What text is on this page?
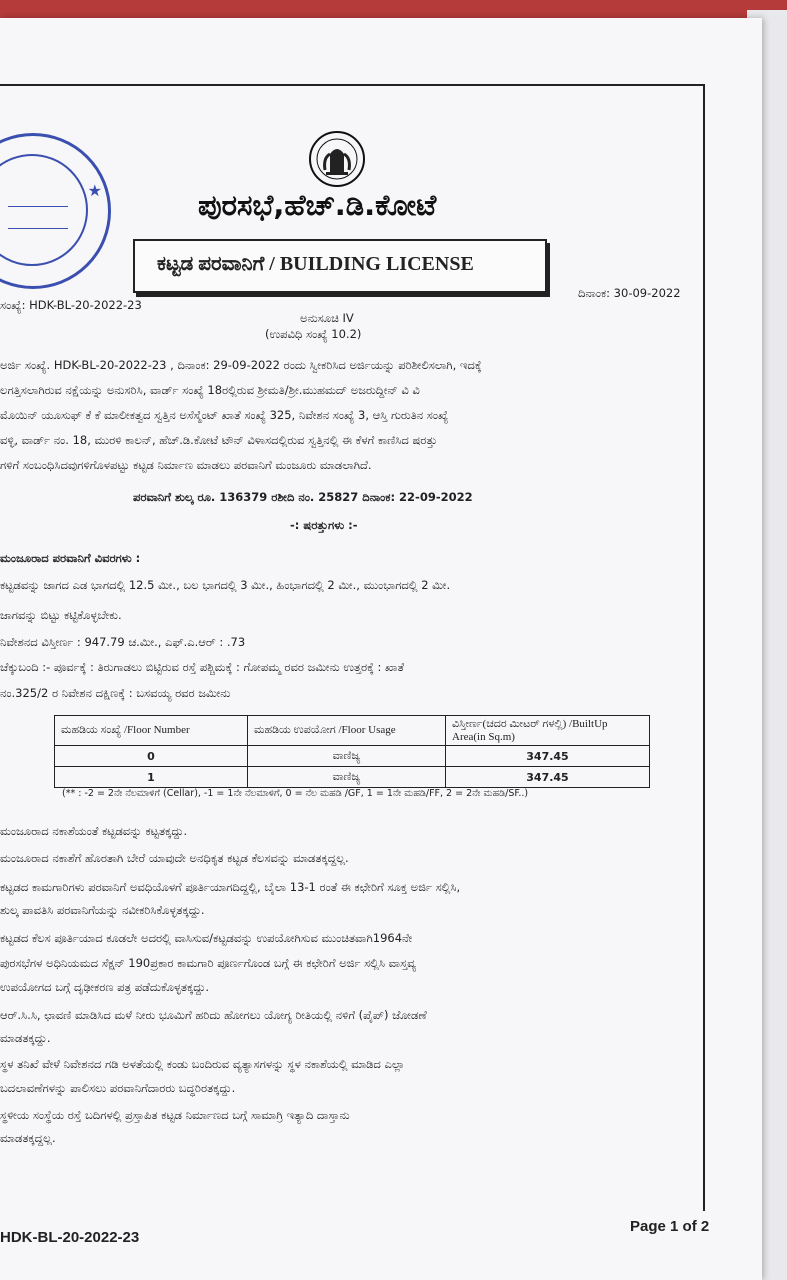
★	ಪುರಸಭೆ,ಹೆಚ್.ಡಿ.ಕೋಟೆ
ಕಟ್ಟಡ ಪರವಾನಿಗೆ / BUILDING LICENSE
ಸಂಖ್ಯೆ: HDK-BL-20-2022-23
ದಿನಾಂಕ: 30-09-2022
ಅನುಸೂಚಿ IV
(ಉಪವಿಧಿ ಸಂಖ್ಯೆ 10.2)
ಅರ್ಜಿ ಸಂಖ್ಯೆ. HDK-BL-20-2022-23 , ದಿನಾಂಕ: 29-09-2022 ರಂದು ಸ್ವೀಕರಿಸಿದ ಅರ್ಜಿಯನ್ನು ಪರಿಶೀಲಿಸಲಾಗಿ, ಇದಕ್ಕೆ
ಲಗತ್ತಿಸಲಾಗಿರುವ ನಕ್ಷೆಯನ್ನು ಅನುಸರಿಸಿ, ವಾರ್ಡ್ ಸಂಖ್ಯೆ 18ರಲ್ಲಿರುವ ಶ್ರೀಮತಿ/ಶ್ರೀ.ಮುಹಮದ್ ಅಜರುದ್ದೀನ್ ವಿ ವಿ
ಮೊಯಿನ್ ಯೂಸುಫ್ ಕೆ ಕೆ ಮಾಲೀಕತ್ವದ ಸ್ವತ್ತಿನ ಅಸೆಸ್ಮೆಂಟ್ ಖಾತೆ ಸಂಖ್ಯೆ 325, ನಿವೇಶನ ಸಂಖ್ಯೆ 3, ಆಸ್ತಿ ಗುರುತಿನ ಸಂಖ್ಯೆ
ವಳ್ಳಿ, ವಾರ್ಡ್ ನಂ. 18, ಮುರಳಿ ಕಾಲನ್, ಹೆಚ್.ಡಿ.ಕೋಟೆ ಟೌನ್ ವಿಳಾಸದಲ್ಲಿರುವ ಸ್ವತ್ತಿನಲ್ಲಿ ಈ ಕೆಳಗೆ ಕಾಣಿಸಿದ ಷರತ್ತು
ಗಳಿಗೆ ಸಂಬಂಧಿಸಿದವುಗಳಿಗೊಳಪಟ್ಟು ಕಟ್ಟಡ ನಿರ್ಮಾಣ ಮಾಡಲು ಪರವಾನಿಗೆ ಮಂಜೂರು ಮಾಡಲಾಗಿದೆ.
ಪರವಾನಿಗೆ ಶುಲ್ಕ ರೂ. 136379 ರಶೀದಿ ನಂ. 25827 ದಿನಾಂಕ: 22-09-2022
-: ಷರತ್ತುಗಳು :-
ಮಂಜೂರಾದ ಪರವಾನಿಗೆ ವಿವರಗಳು :
ಕಟ್ಟಡವನ್ನು ಜಾಗದ ಎಡ ಭಾಗದಲ್ಲಿ 12.5 ಮೀ., ಬಲ ಭಾಗದಲ್ಲಿ 3 ಮೀ., ಹಿಂಭಾಗದಲ್ಲಿ 2 ಮೀ., ಮುಂಭಾಗದಲ್ಲಿ 2 ಮೀ.
ಜಾಗವನ್ನು ಬಿಟ್ಟು ಕಟ್ಟಿಕೊಳ್ಳಬೇಕು.
ನಿವೇಶನದ ವಿಸ್ತೀರ್ಣ : 947.79 ಚ.ಮೀ., ಎಫ್.ಎ.ಆರ್ : .73
ಚೆಕ್ಕುಬಂದಿ :- ಪೂರ್ವಕ್ಕೆ : ತಿರುಗಾಡಲು ಬಿಟ್ಟಿರುವ ರಸ್ತೆ ಪಶ್ಚಿಮಕ್ಕೆ : ಗೋಪಮ್ಮ ರವರ ಜಮೀನು ಉತ್ತರಕ್ಕೆ : ಖಾತೆ
ನಂ.325/2 ರ ನಿವೇಶನ ದಕ್ಷಿಣಕ್ಕೆ : ಬಸವಯ್ಯ ರವರ ಜಮೀನು
ಮಹಡಿಯ ಸಂಖ್ಯೆ /Floor Number	ಮಹಡಿಯ ಉಪಯೋಗ /Floor Usage	ವಿಸ್ತೀರ್ಣ(ಚದರ ಮೀಟರ್ ಗಳಲ್ಲಿ) /BuiltUp Area(in Sq.m)
0	ವಾಣಿಜ್ಯ	347.45
1	ವಾಣಿಜ್ಯ	347.45
(** : -2 = 2ನೇ ನೆಲಮಾಳಿಗೆ (Cellar), -1 = 1ನೇ ನೆಲಮಾಳಿಗೆ, 0 = ನೆಲ ಮಹಡಿ /GF, 1 = 1ನೇ ಮಹಡಿ/FF, 2 = 2ನೇ ಮಹಡಿ/SF..)
ಮಂಜೂರಾದ ನಕಾಶೆಯಂತೆ ಕಟ್ಟಡವನ್ನು ಕಟ್ಟತಕ್ಕದ್ದು.
ಮಂಜೂರಾದ ನಕಾಶೆಗೆ ಹೊರತಾಗಿ ಬೇರೆ ಯಾವುದೇ ಅನಧಿಕೃತ ಕಟ್ಟಡ ಕೆಲಸವನ್ನು ಮಾಡತಕ್ಕದ್ದಲ್ಲ.
ಕಟ್ಟಡದ ಕಾಮಗಾರಿಗಳು ಪರವಾನಿಗೆ ಅವಧಿಯೊಳಗೆ ಪೂರ್ತಿಯಾಗದಿದ್ದಲ್ಲಿ, ಬೈಲಾ 13-1 ರಂತೆ ಈ ಕಛೇರಿಗೆ ಸೂಕ್ತ ಅರ್ಜಿ ಸಲ್ಲಿಸಿ,
ಶುಲ್ಕ ಪಾವತಿಸಿ ಪರವಾನಿಗೆಯನ್ನು ನವೀಕರಿಸಿಕೊಳ್ಳತಕ್ಕದ್ದು.
ಕಟ್ಟಡದ ಕೆಲಸ ಪೂರ್ತಿಯಾದ ಕೂಡಲೇ ಅದರಲ್ಲಿ ವಾಸಿಸುವ/ಕಟ್ಟಡವನ್ನು ಉಪಯೋಗಿಸುವ ಮುಂಚಿತವಾಗಿ1964ನೇ
ಪುರಸಭೆಗಳ ಅಧಿನಿಯಮದ ಸೆಕ್ಷನ್ 190ಪ್ರಕಾರ ಕಾಮಗಾರಿ ಪೂರ್ಣಗೊಂಡ ಬಗ್ಗೆ ಈ ಕಛೇರಿಗೆ ಅರ್ಜಿ ಸಲ್ಲಿಸಿ ವಾಸ್ತವ್ಯ
ಉಪಯೋಗದ ಬಗ್ಗೆ ದೃಢೀಕರಣ ಪತ್ರ ಪಡೆದುಕೊಳ್ಳತಕ್ಕದ್ದು.
ಆರ್.ಸಿ.ಸಿ, ಛಾವಣಿ ಮಾಡಿಸಿದ ಮಳೆ ನೀರು ಭೂಮಿಗೆ ಹರಿದು ಹೋಗಲು ಯೋಗ್ಯ ರೀತಿಯಲ್ಲಿ ನಳಿಗೆ (ಪೈಪ್) ಜೋಡಣೆ
ಮಾಡತಕ್ಕದ್ದು.
ಸ್ಥಳ ತನಿಖೆ ವೇಳೆ ನಿವೇಶನದ ಗಡಿ ಅಳತೆಯಲ್ಲಿ ಕಂಡು ಬಂದಿರುವ ವ್ಯತ್ಯಾಸಗಳನ್ನು ಸ್ಥಳ ನಕಾಶೆಯಲ್ಲಿ ಮಾಡಿದ ಎಲ್ಲಾ
ಬದಲಾವಣೆಗಳನ್ನು ಪಾಲಿಸಲು ಪರವಾನಿಗೆದಾರರು ಬದ್ಧರಿರತಕ್ಕದ್ದು.
ಸ್ಥಳೀಯ ಸಂಸ್ಥೆಯ ರಸ್ತೆ ಬದಿಗಳಲ್ಲಿ ಪ್ರಸ್ತಾಪಿತ ಕಟ್ಟಡ ನಿರ್ಮಾಣದ ಬಗ್ಗೆ ಸಾಮಾಗ್ರಿ ಇತ್ಯಾದಿ ದಾಸ್ತಾನು
ಮಾಡತಕ್ಕದ್ದಲ್ಲ.
HDK-BL-20-2022-23
Page 1 of 2
